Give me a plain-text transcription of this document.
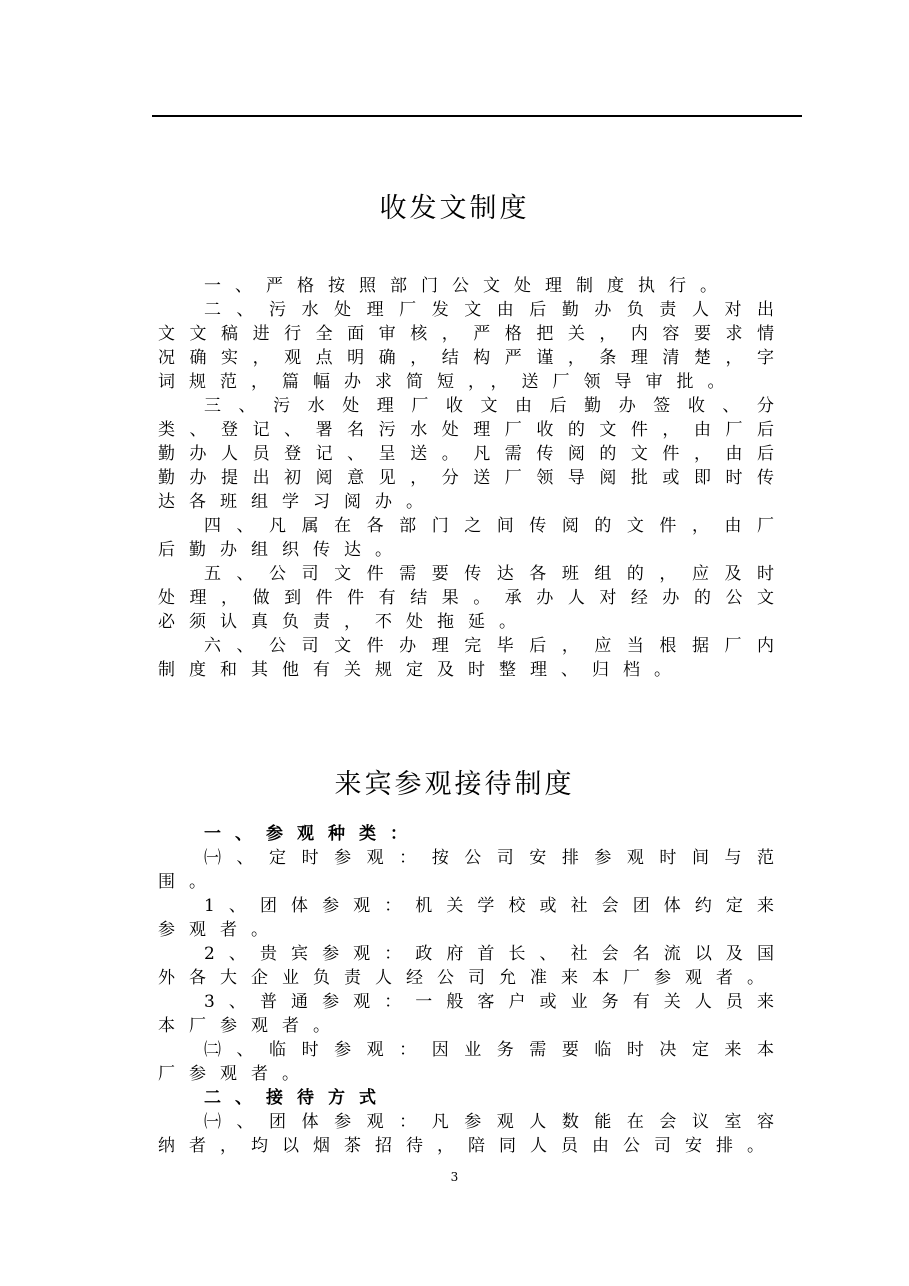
收发文制度

一、严格按照部门公文处理制度执行。

二、污水处理厂发文由后勤办负责人对出文文稿进行全面审核，严格把关，内容要求情况确实，观点明确，结构严谨，条理清楚，字词规范，篇幅办求简短，，送厂领导审批。

三、污水处理厂收文由后勤办签收、分类、登记、署名污水处理厂收的文件，由厂后勤办人员登记、呈送。凡需传阅的文件，由后勤办提出初阅意见，分送厂领导阅批或即时传达各班组学习阅办。

四、凡属在各部门之间传阅的文件，由厂后勤办组织传达。

五、公司文件需要传达各班组的，应及时处理，做到件件有结果。承办人对经办的公文必须认真负责，不处拖延。

六、公司文件办理完毕后，应当根据厂内制度和其他有关规定及时整理、归档。

来宾参观接待制度

一、参观种类：

㈠、定时参观：按公司安排参观时间与范围。

1、团体参观：机关学校或社会团体约定来参观者。

2、贵宾参观：政府首长、社会名流以及国外各大企业负责人经公司允准来本厂参观者。

3、普通参观：一般客户或业务有关人员来本厂参观者。

㈡、临时参观：因业务需要临时决定来本厂参观者。

二、接待方式

㈠、团体参观：凡参观人数能在会议室容纳者，均以烟茶招待，陪同人员由公司安排。

3
